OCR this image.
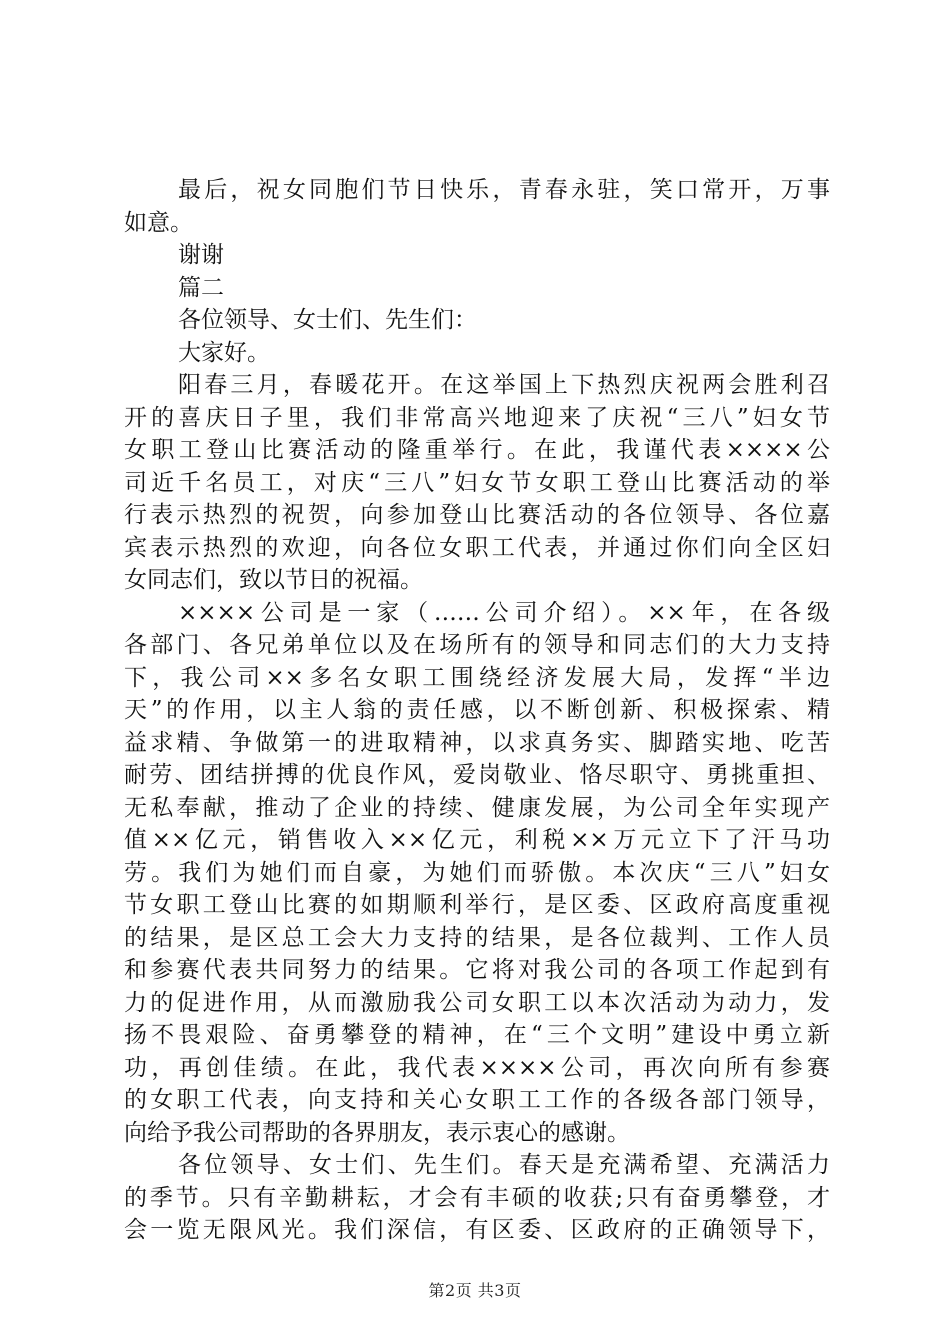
最后，祝女同胞们节日快乐，青春永驻，笑口常开，万事
如意。
谢谢
篇二
各位领导、女士们、先生们：
大家好。
阳春三月，春暖花开。在这举国上下热烈庆祝两会胜利召
开的喜庆日子里，我们非常高兴地迎来了庆祝“三八”妇女节
女职工登山比赛活动的隆重举行。在此，我谨代表××××公
司近千名员工，对庆“三八”妇女节女职工登山比赛活动的举
行表示热烈的祝贺，向参加登山比赛活动的各位领导、各位嘉
宾表示热烈的欢迎，向各位女职工代表，并通过你们向全区妇
女同志们，致以节日的祝福。
××××公司是一家（……公司介绍）。××年，在各级
各部门、各兄弟单位以及在场所有的领导和同志们的大力支持
下，我公司××多名女职工围绕经济发展大局，发挥“半边
天”的作用，以主人翁的责任感，以不断创新、积极探索、精
益求精、争做第一的进取精神，以求真务实、脚踏实地、吃苦
耐劳、团结拼搏的优良作风，爱岗敬业、恪尽职守、勇挑重担、
无私奉献，推动了企业的持续、健康发展，为公司全年实现产
值××亿元，销售收入××亿元，利税××万元立下了汗马功
劳。我们为她们而自豪，为她们而骄傲。本次庆“三八”妇女
节女职工登山比赛的如期顺利举行，是区委、区政府高度重视
的结果，是区总工会大力支持的结果，是各位裁判、工作人员
和参赛代表共同努力的结果。它将对我公司的各项工作起到有
力的促进作用，从而激励我公司女职工以本次活动为动力，发
扬不畏艰险、奋勇攀登的精神，在“三个文明”建设中勇立新
功，再创佳绩。在此，我代表××××公司，再次向所有参赛
的女职工代表，向支持和关心女职工工作的各级各部门领导，
向给予我公司帮助的各界朋友，表示衷心的感谢。
各位领导、女士们、先生们。春天是充满希望、充满活力
的季节。只有辛勤耕耘，才会有丰硕的收获;只有奋勇攀登，才
会一览无限风光。我们深信，有区委、区政府的正确领导下，
第2页 共3页
